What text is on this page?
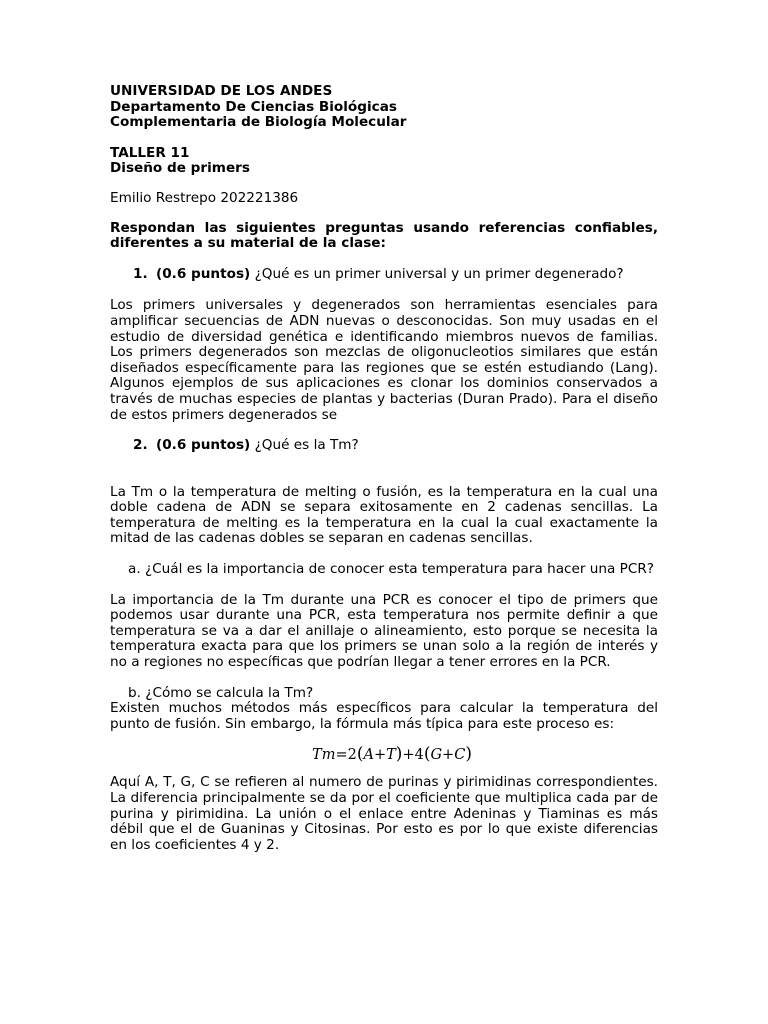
UNIVERSIDAD DE LOS ANDES
Departamento De Ciencias Biológicas
Complementaria de Biología Molecular
TALLER 11
Diseño de primers
Emilio Restrepo 202221386

Respondan las siguientes preguntas usando referencias confiables, diferentes a su material de la clase:

1. (0.6 puntos) ¿Qué es un primer universal y un primer degenerado?

Los primers universales y degenerados son herramientas esenciales para amplificar secuencias de ADN nuevas o desconocidas. Son muy usadas en el estudio de diversidad genética e identificando miembros nuevos de familias. Los primers degenerados son mezclas de oligonucleotios similares que están diseñados específicamente para las regiones que se estén estudiando (Lang). Algunos ejemplos de sus aplicaciones es clonar los dominios conservados a través de muchas especies de plantas y bacterias (Duran Prado). Para el diseño de estos primers degenerados se

2. (0.6 puntos) ¿Qué es la Tm?

La Tm o la temperatura de melting o fusión, es la temperatura en la cual una doble cadena de ADN se separa exitosamente en 2 cadenas sencillas. La temperatura de melting es la temperatura en la cual la cual exactamente la mitad de las cadenas dobles se separan en cadenas sencillas.

a. ¿Cuál es la importancia de conocer esta temperatura para hacer una PCR?

La importancia de la Tm durante una PCR es conocer el tipo de primers que podemos usar durante una PCR, esta temperatura nos permite definir a que temperatura se va a dar el anillaje o alineamiento, esto porque se necesita la temperatura exacta para que los primers se unan solo a la región de interés y no a regiones no específicas que podrían llegar a tener errores en la PCR.

b. ¿Cómo se calcula la Tm?

Existen muchos métodos más específicos para calcular la temperatura del punto de fusión. Sin embargo, la fórmula más típica para este proceso es:

Tm=2(A+T)+4(G+C)

Aquí A, T, G, C se refieren al numero de purinas y pirimidinas correspondientes. La diferencia principalmente se da por el coeficiente que multiplica cada par de purina y pirimidina. La unión o el enlace entre Adeninas y Tiaminas es más débil que el de Guaninas y Citosinas. Por esto es por lo que existe diferencias en los coeficientes 4 y 2.
